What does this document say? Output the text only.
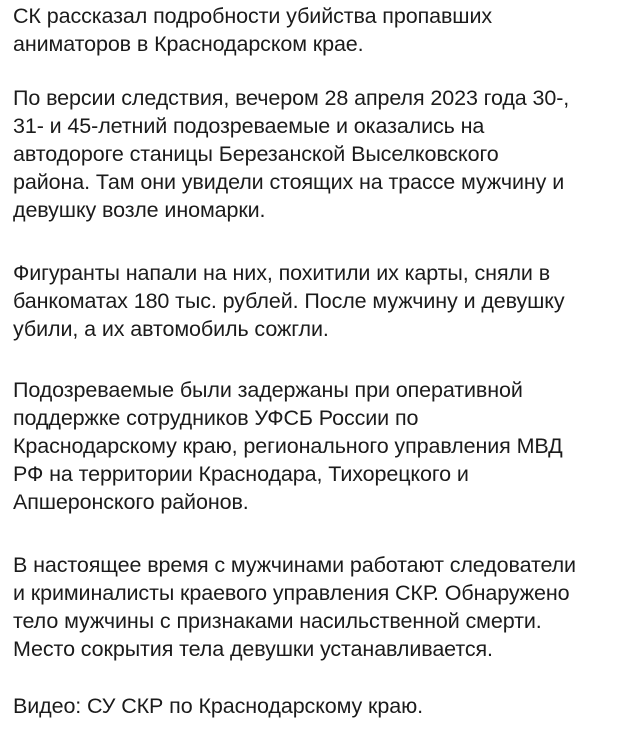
СК рассказал подробности убийства пропавших
аниматоров в Краснодарском крае.

По версии следствия, вечером 28 апреля 2023 года 30-,
31- и 45-летний подозреваемые и оказались на
автодороге станицы Березанской Выселковского
района. Там они увидели стоящих на трассе мужчину и
девушку возле иномарки.

Фигуранты напали на них, похитили их карты, сняли в
банкоматах 180 тыс. рублей. После мужчину и девушку
убили, а их автомобиль сожгли.

Подозреваемые были задержаны при оперативной
поддержке сотрудников УФСБ России по
Краснодарскому краю, регионального управления МВД
РФ на территории Краснодара, Тихорецкого и
Апшеронского районов.

В настоящее время с мужчинами работают следователи
и криминалисты краевого управления СКР. Обнаружено
тело мужчины с признаками насильственной смерти.
Место сокрытия тела девушки устанавливается.

Видео: СУ СКР по Краснодарскому краю.
